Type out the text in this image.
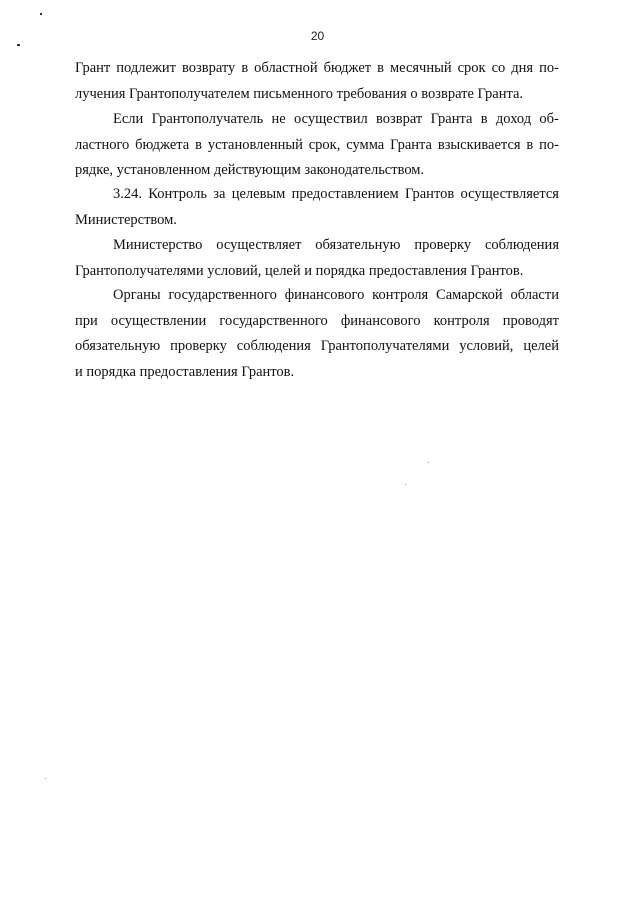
20

Грант подлежит возврату в областной бюджет в месячный срок со дня по-
лучения Грантополучателем письменного требования о возврате Гранта.

Если Грантополучатель не осуществил возврат Гранта в доход об-
ластного бюджета в установленный срок, сумма Гранта взыскивается в по-
рядке, установленном действующим законодательством.

3.24. Контроль за целевым предоставлением Грантов осуществляется
Министерством.

Министерство осуществляет обязательную проверку соблюдения
Грантополучателями условий, целей и порядка предоставления Грантов.

Органы государственного финансового контроля Самарской области
при осуществлении государственного финансового контроля проводят
обязательную проверку соблюдения Грантополучателями условий, целей
и порядка предоставления Грантов.
